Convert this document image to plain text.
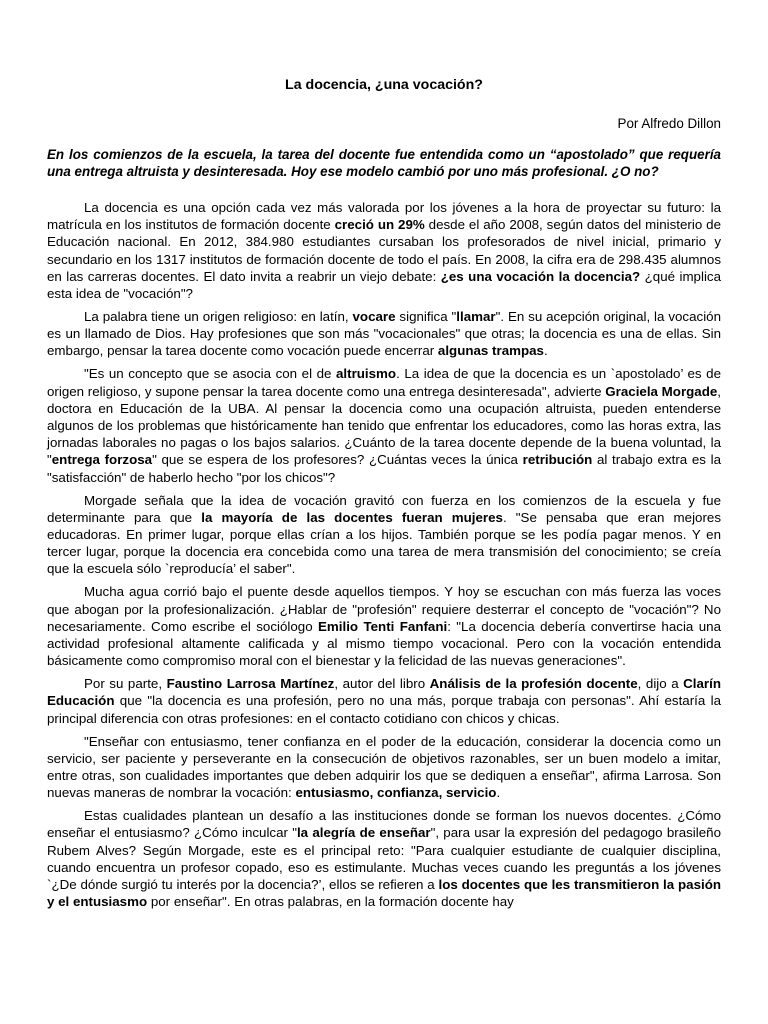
La docencia, ¿una vocación?
Por Alfredo Dillon

En los comienzos de la escuela, la tarea del docente fue entendida como un “apostolado” que requería una entrega altruista y desinteresada. Hoy ese modelo cambió por uno más profesional. ¿O no?

La docencia es una opción cada vez más valorada por los jóvenes a la hora de proyectar su futuro: la matrícula en los institutos de formación docente creció un 29% desde el año 2008, según datos del ministerio de Educación nacional. En 2012, 384.980 estudiantes cursaban los profesorados de nivel inicial, primario y secundario en los 1317 institutos de formación docente de todo el país. En 2008, la cifra era de 298.435 alumnos en las carreras docentes. El dato invita a reabrir un viejo debate: ¿es una vocación la docencia? ¿qué implica esta idea de "vocación"?

La palabra tiene un origen religioso: en latín, vocare significa "llamar". En su acepción original, la vocación es un llamado de Dios. Hay profesiones que son más "vocacionales" que otras; la docencia es una de ellas. Sin embargo, pensar la tarea docente como vocación puede encerrar algunas trampas.

"Es un concepto que se asocia con el de altruismo. La idea de que la docencia es un `apostolado’ es de origen religioso, y supone pensar la tarea docente como una entrega desinteresada", advierte Graciela Morgade, doctora en Educación de la UBA. Al pensar la docencia como una ocupación altruista, pueden entenderse algunos de los problemas que históricamente han tenido que enfrentar los educadores, como las horas extra, las jornadas laborales no pagas o los bajos salarios. ¿Cuánto de la tarea docente depende de la buena voluntad, la "entrega forzosa" que se espera de los profesores? ¿Cuántas veces la única retribución al trabajo extra es la "satisfacción" de haberlo hecho "por los chicos"?

Morgade señala que la idea de vocación gravitó con fuerza en los comienzos de la escuela y fue determinante para que la mayoría de las docentes fueran mujeres. "Se pensaba que eran mejores educadoras. En primer lugar, porque ellas crían a los hijos. También porque se les podía pagar menos. Y en tercer lugar, porque la docencia era concebida como una tarea de mera transmisión del conocimiento; se creía que la escuela sólo `reproducía’ el saber".

Mucha agua corrió bajo el puente desde aquellos tiempos. Y hoy se escuchan con más fuerza las voces que abogan por la profesionalización. ¿Hablar de "profesión" requiere desterrar el concepto de "vocación"? No necesariamente. Como escribe el sociólogo Emilio Tenti Fanfani: "La docencia debería convertirse hacia una actividad profesional altamente calificada y al mismo tiempo vocacional. Pero con la vocación entendida básicamente como compromiso moral con el bienestar y la felicidad de las nuevas generaciones".

Por su parte, Faustino Larrosa Martínez, autor del libro Análisis de la profesión docente, dijo a Clarín Educación que "la docencia es una profesión, pero no una más, porque trabaja con personas". Ahí estaría la principal diferencia con otras profesiones: en el contacto cotidiano con chicos y chicas.

"Enseñar con entusiasmo, tener confianza en el poder de la educación, considerar la docencia como un servicio, ser paciente y perseverante en la consecución de objetivos razonables, ser un buen modelo a imitar, entre otras, son cualidades importantes que deben adquirir los que se dediquen a enseñar", afirma Larrosa. Son nuevas maneras de nombrar la vocación: entusiasmo, confianza, servicio.

Estas cualidades plantean un desafío a las instituciones donde se forman los nuevos docentes. ¿Cómo enseñar el entusiasmo? ¿Cómo inculcar "la alegría de enseñar", para usar la expresión del pedagogo brasileño Rubem Alves? Según Morgade, este es el principal reto: "Para cualquier estudiante de cualquier disciplina, cuando encuentra un profesor copado, eso es estimulante. Muchas veces cuando les preguntás a los jóvenes `¿De dónde surgió tu interés por la docencia?’, ellos se refieren a los docentes que les transmitieron la pasión y el entusiasmo por enseñar". En otras palabras, en la formación docente hay
